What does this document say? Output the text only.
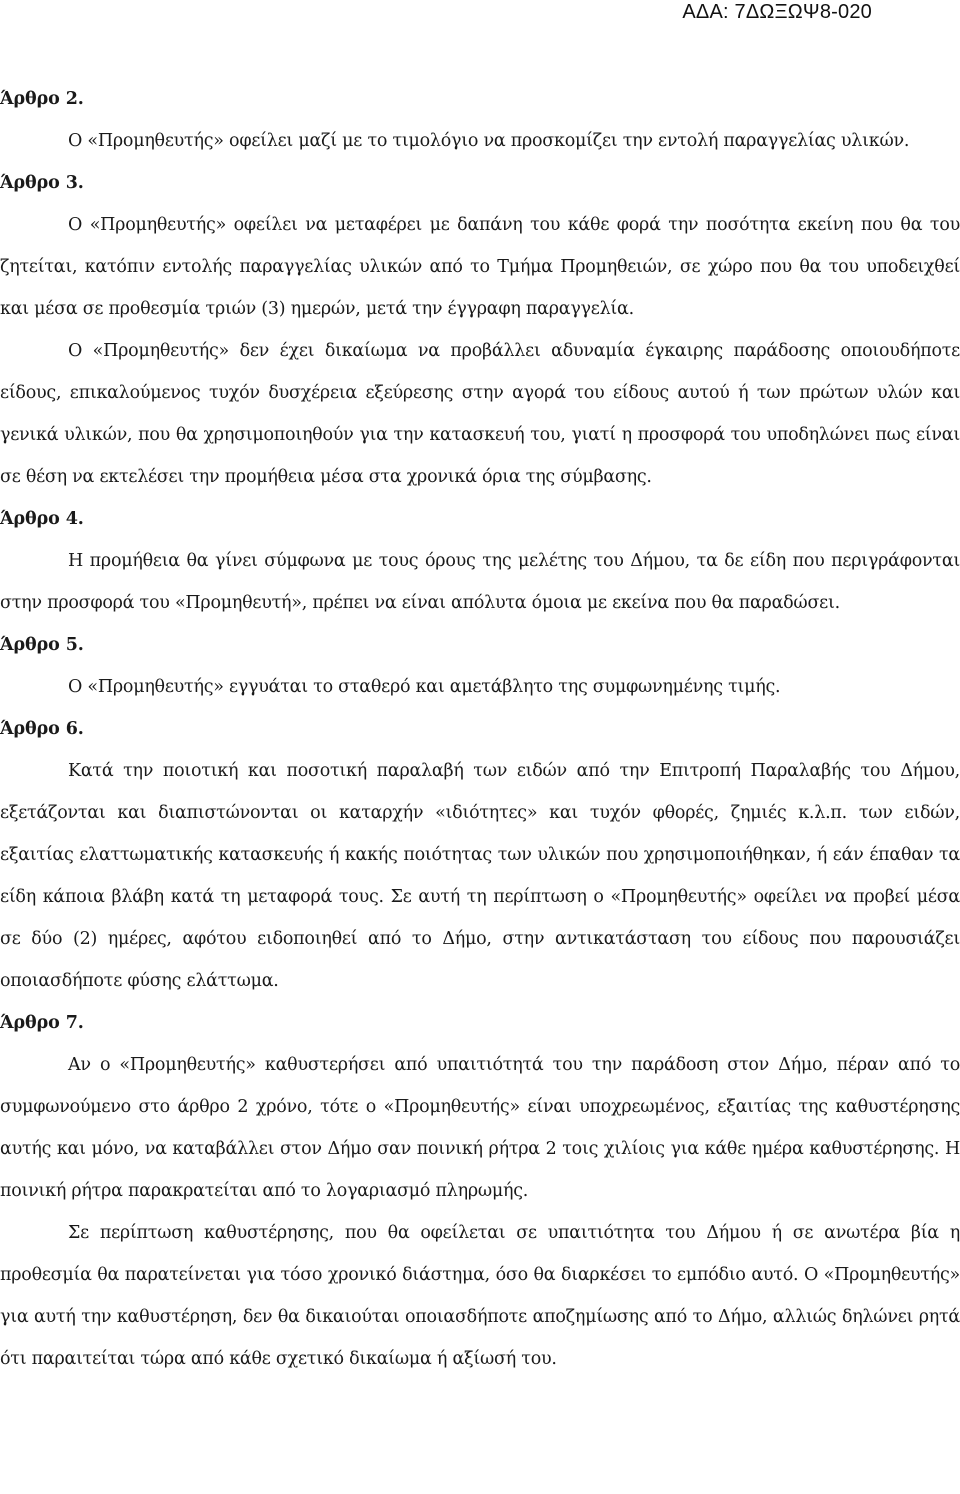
ΑΔΑ: 7ΔΩΞΩΨ8-020

Άρθρο 2.

Ο «Προμηθευτής» οφείλει μαζί με το τιμολόγιο να προσκομίζει την εντολή παραγγελίας υλικών.

Άρθρο 3.

Ο «Προμηθευτής» οφείλει να μεταφέρει με δαπάνη του κάθε φορά την ποσότητα εκείνη που θα του ζητείται, κατόπιν εντολής παραγγελίας υλικών από το Τμήμα Προμηθειών, σε χώρο που θα του υποδειχθεί και μέσα σε προθεσμία τριών (3) ημερών, μετά την έγγραφη παραγγελία.

Ο «Προμηθευτής» δεν έχει δικαίωμα να προβάλλει αδυναμία έγκαιρης παράδοσης οποιουδήποτε είδους, επικαλούμενος τυχόν δυσχέρεια εξεύρεσης στην αγορά του είδους αυτού ή των πρώτων υλών και γενικά υλικών, που θα χρησιμοποιηθούν για την κατασκευή του, γιατί η προσφορά του υποδηλώνει πως είναι σε θέση να εκτελέσει την προμήθεια μέσα στα χρονικά όρια της σύμβασης.

Άρθρο 4.

Η προμήθεια θα γίνει σύμφωνα με τους όρους της μελέτης του Δήμου, τα δε είδη που περιγράφονται στην προσφορά του «Προμηθευτή», πρέπει να είναι απόλυτα όμοια με εκείνα που θα παραδώσει.

Άρθρο 5.

Ο «Προμηθευτής» εγγυάται το σταθερό και αμετάβλητο της συμφωνημένης τιμής.

Άρθρο 6.

Κατά την ποιοτική και ποσοτική παραλαβή των ειδών από την Επιτροπή Παραλαβής του Δήμου, εξετάζονται και διαπιστώνονται οι καταρχήν «ιδιότητες» και τυχόν φθορές, ζημιές κ.λ.π. των ειδών, εξαιτίας ελαττωματικής κατασκευής ή κακής ποιότητας των υλικών που χρησιμοποιήθηκαν, ή εάν έπαθαν τα είδη κάποια βλάβη κατά τη μεταφορά τους. Σε αυτή τη περίπτωση ο «Προμηθευτής» οφείλει να προβεί μέσα σε δύο (2) ημέρες, αφότου ειδοποιηθεί από το Δήμο, στην αντικατάσταση του είδους που παρουσιάζει οποιασδήποτε φύσης ελάττωμα.

Άρθρο 7.

Αν ο «Προμηθευτής» καθυστερήσει από υπαιτιότητά του την παράδοση στον Δήμο, πέραν από το συμφωνούμενο στο άρθρο 2 χρόνο, τότε ο «Προμηθευτής» είναι υποχρεωμένος, εξαιτίας της καθυστέρησης αυτής και μόνο, να καταβάλλει στον Δήμο σαν ποινική ρήτρα 2 τοις χιλίοις για κάθε ημέρα καθυστέρησης. Η ποινική ρήτρα παρακρατείται από το λογαριασμό πληρωμής.

Σε περίπτωση καθυστέρησης, που θα οφείλεται σε υπαιτιότητα του Δήμου ή σε ανωτέρα βία η προθεσμία θα παρατείνεται για τόσο χρονικό διάστημα, όσο θα διαρκέσει το εμπόδιο αυτό. Ο «Προμηθευτής» για αυτή την καθυστέρηση, δεν θα δικαιούται οποιασδήποτε αποζημίωσης από το Δήμο, αλλιώς δηλώνει ρητά ότι παραιτείται τώρα από κάθε σχετικό δικαίωμα ή αξίωσή του.
